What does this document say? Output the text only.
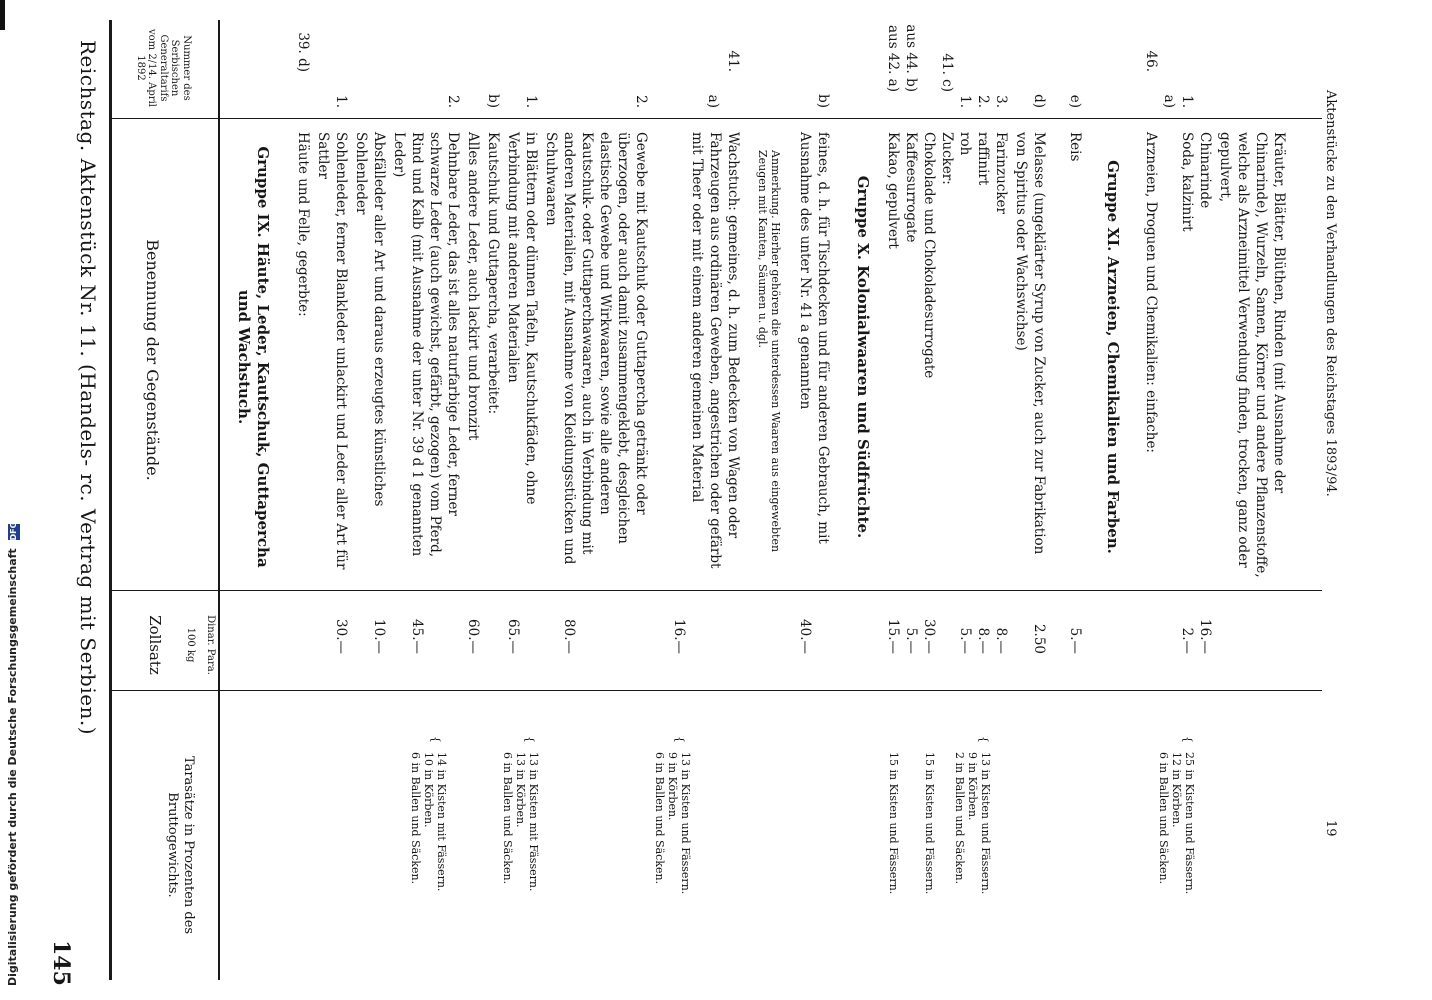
Reichstag. Aktenstück Nr. 11. (Handels- rc. Vertrag mit Serbien.)
145
Nummer des Serbischen Generaltarifs vom 2/14. April 1892
Benennung der Gegenstände.
Zollsatz 100 kg Dinar. Para.
Tarasätze in Prozenten des Bruttogewichts.
Gruppe IX. Häute, Leder, Kautschuk, Guttapercha und Wachstuch.
39. d)
Häute und Felle, gegerbte:
1.
Sohlenleder, ferner Blankleder unlackirt und Leder aller Art für Sattler
30.—
Absfälleder aller Art und daraus erzeugtes künstliches Sohlenleder
10.—
2.
Dehnbare Leder, das ist alles naturfarbige Leder, ferner schwarze Leder (auch gewichst, gefärbt, gezogen) vom Pferd, Rind und Kalb (mit Ausnahme der unter Nr. 39 d 1 genannten Leder)
45.—
{
14 in Kisten mit Fässern.
10 in Körben.
6 in Ballen und Säcken.
Alles andere Leder, auch lackirt und bronzirt
60.—
b)
Kautschuk und Guttapercha, verarbeitet:
1.
in Blättern oder dünnen Tafeln, Kautschukfäden, ohne Verbindung mit anderen Materialien
65.—
{
13 in Kisten mit Fässern.
13 in Körben.
6 in Ballen und Säcken.
2.
Gewebe mit Kautschuk oder Guttapercha getränkt oder überzogen, oder auch damit zusammengeklebt, desgleichen elastische Gewebe und Wirkwaaren, sowie alle anderen Kautschuk- oder Guttaperchawaaren, auch in Verbindung mit anderen Materialien, mit Ausnahme von Kleidungsstücken und Schuhwaaren
80.—
41.
a)
Wachstuch: gemeines, d. h. zum Bedecken von Wagen oder Fahrzeugen aus ordinären Geweben, angestrichen oder gefärbt mit Theer oder mit einem anderen gemeinen Material
16.—
{
13 in Kisten und Fässern.
9 in Körben.
6 in Ballen und Säcken.
Anmerkung. Hierher gehören die unterdessen Waaren aus eingewebten Zeugen mit Kanten, Säumen u. dgl.
b)
feines, d. h. für Tischdecken und für anderen Gebrauch, mit Ausnahme des unter Nr. 41 a genannten
40.—
Gruppe X. Kolonialwaaren und Südfrüchte.
aus 42. a)
Kakao, gepulvert
15.—
15 in Kisten und Fässern.
aus 44. b)
Kaffeesurrogate
5.—
Chokolade und Chokoladesurrogate
30.—
15 in Kisten und Fässern.
41. c)
Zucker:
1.
roh
5.—
2.
raffinirt
8.—
{
13 in Kisten und Fässern.
9 in Körben.
2 in Ballen und Säcken.
3.
Farinzucker
8.—
d)
Melasse (ungeklärter Syrup von Zucker, auch zur Fabrikation von Spiritus oder Wachswichse)
2.50
e)
Reis
5.—
Gruppe XI. Arzneien, Chemikalien und Farben.
46.
Arzneien, Droguen und Chemikalien: einfache:
a) 1.
Soda, kalzinirt
2.—
{
25 in Kisten und Fässern.
12 in Körben.
6 in Ballen und Säcken.
Chinarinde
16.—
Kräuter, Blätter, Blüthen, Rinden (mit Ausnahme der Chinarinde), Wurzeln, Samen, Körner und andere Pflanzenstoffe, welche als Arzneimittel Verwendung finden, trocken, ganz oder gepulvert,	Aktenstücke zu den Verhandlungen des Reichstages 1893/94.
19
Digitalisierung gefördert durch die Deutsche Forschungsgemeinschaft DFG
